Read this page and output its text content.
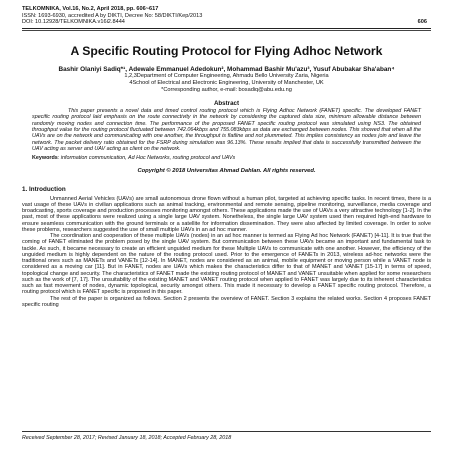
TELKOMNIKA, Vol.16, No.2, April 2018, pp. 606~617
ISSN: 1693-6930, accredited A by DIKTI, Decree No: 58/DIKTI/Kep/2013
DOI: 10.12928/TELKOMNIKA.v16i2.8444	606
A Specific Routing Protocol for Flying Adhoc Network
Bashir Olaniyi Sadiq*¹, Adewale Emmanuel Adedokun², Mohammad Bashir Mu'azu³, Yusuf Abubakar Sha'aban⁴
1,2,3Department of Computer Engineering, Ahmadu Bello University Zaria, Nigeria
4School of Electrical and Electronic Engineering, University of Manchester, UK
*Corresponding author, e-mail: bosadiq@abu.edu.ng
Abstract

This paper presents a novel data and timed control routing protocol which is Flying Adhoc Network (FANET) specific. The developed FANET specific routing protocol laid emphasis on the route connectivity in the network by considering the captured data size, minimum allowable distance between randomly moving nodes and connection time. The performance of the proposed FANET specific routing protocol was simulated using NS3. The obtained throughput value for the routing protocol fluctuated between 742.064kbps and 755.083kbps as data are exchanged between nodes. This showed that when all the UAVs are on the network and communicating with one another, the throughput is flatline and not plummeted. This implies consistency as nodes join and leave the network. The packet delivery ratio obtained for the FSRP during simulation was 96.13%. These results implied that data is successfully transmitted between the UAV acting as server and UAV acting as client on the network.

Keywords: information communication, Ad Hoc Networks, routing protocol and UAVs
Copyright © 2018 Universitas Ahmad Dahlan. All rights reserved.
1. Introduction

Unmanned Aerial Vehicles (UAVs) are small autonomous drone flown without a human pilot, targeted at achieving specific tasks. In recent times, there is a vast usage of these UAVs in civilian applications such as animal tracking, environmental and remote sensing, pipeline monitoring, surveillance, media coverage and broadcasting, sports coverage and production processes monitoring amongst others. These applications made the use of UAVs a very attractive technology [1-2]. In the past, most of these applications were realized using a single large UAV system. Nonetheless, the single large UAV system used then required high-end hardware to ensure seamless communication with the ground terminals or a satellite for information dissemination. They were also affected by limited coverage. In order to solve these problems, researchers suggested the use of small multiple UAVs in an ad hoc manner.

The coordination and cooperation of these multiple UAVs (nodes) in an ad hoc manner is termed as Flying Ad hoc Network (FANET) [4-11]. It is true that the coming of FANET eliminated the problem posed by the single UAV system. But communication between these UAVs became an important and fundamental task to tackle. As such, it became necessary to create an efficient unguided medium for these Multiple UAVs to communicate with one another. However, the efficiency of the unguided medium is highly dependent on the nature of the routing protocol used. Prior to the emergence of FANETs in 2013, wireless ad-hoc networks were the traditional ones such as MANETs and VANETs [12-14]. In MANET, nodes are considered as an animal, mobile equipment or moving person while a VANET node is considered as a moving car [11]. But in FANET, nodes are UAVs which makes the characteristics differ to that of MANET and VANET [15-17] in terms of speed, topological change and security. The characteristics of FANET made the existing routing protocol of MANET and VANET unsuitable when applied for some researchers such as the work of [7, 17]. The unsuitability of the existing MANET and VANET routing protocol when applied to FANET was largely due to its inherent characteristics such as fast movement of nodes, dynamic topological, security amongst others. This made it necessary to develop a FANET specific routing protocol. Therefore, a routing protocol which is FANET specific is proposed in this paper.

The rest of the paper is organized as follows. Section 2 presents the overview of FANET. Section 3 explains the related works. Section 4 proposes FANET specific routing

Received September 28, 2017; Revised January 18, 2018; Accepted February 28, 2018
